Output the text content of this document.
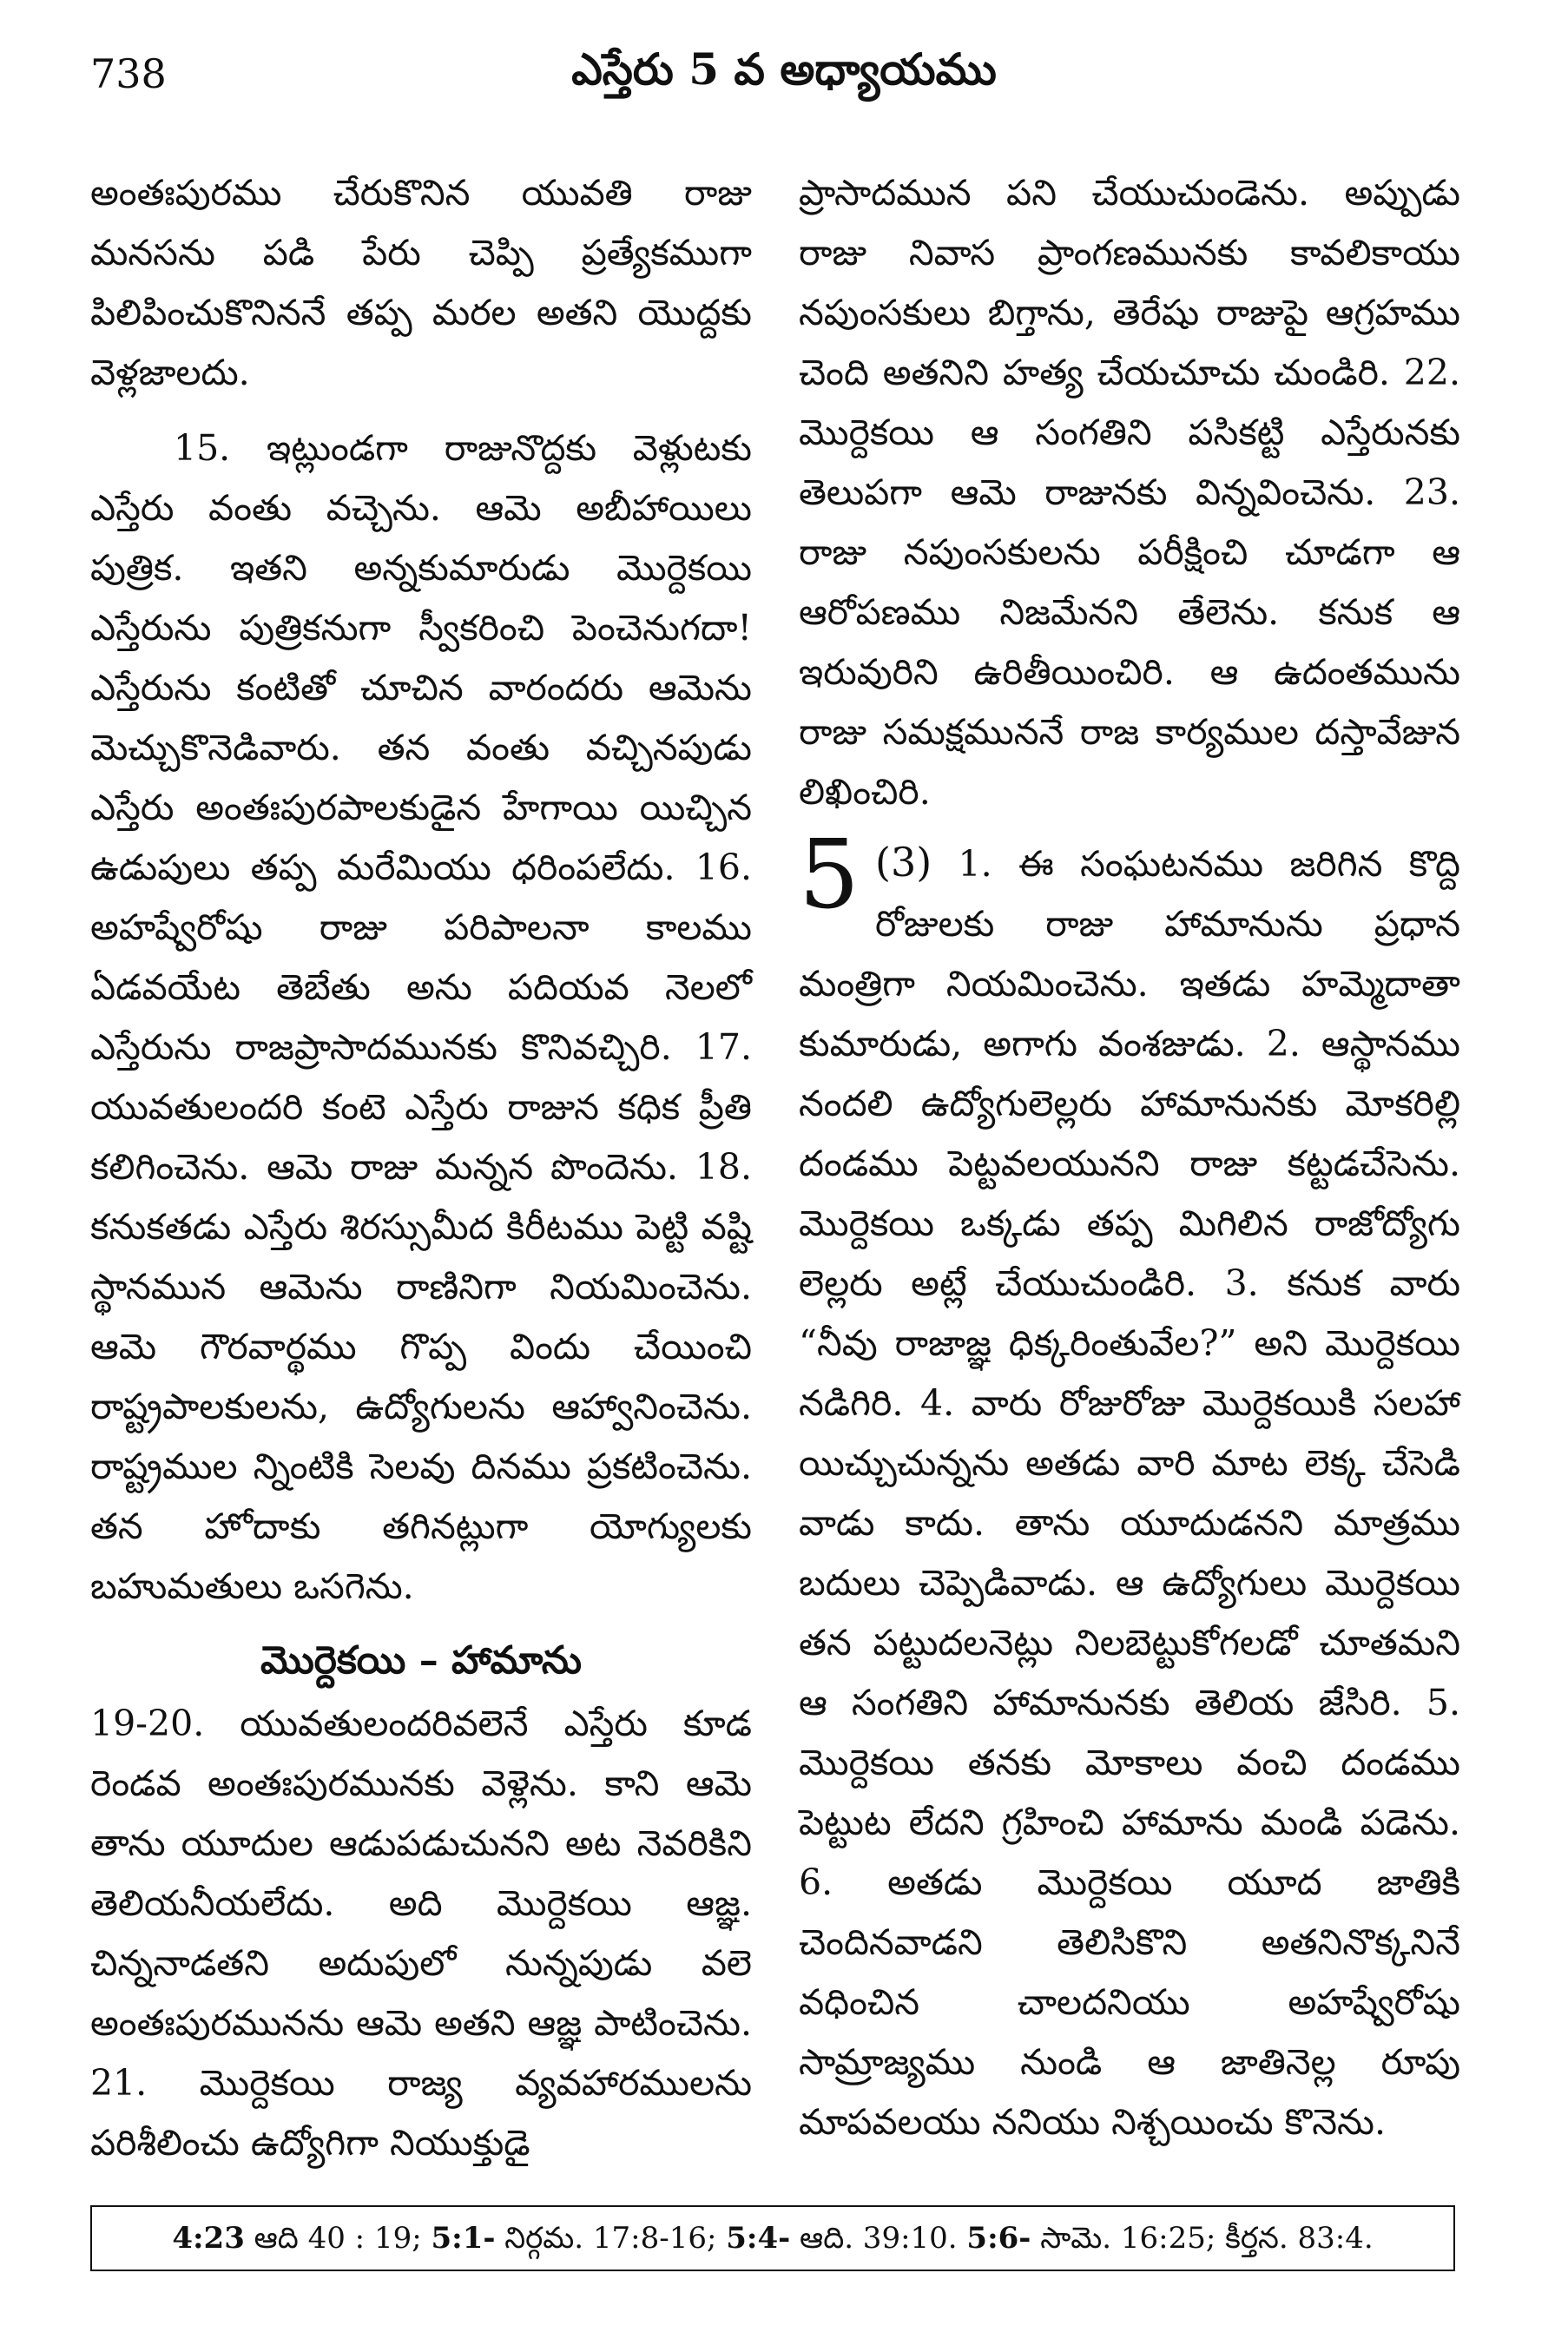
738	ఎస్తేరు 5 వ అధ్యాయము

అంతఃపురము చేరుకొనిన యువతి రాజు మనసను పడి పేరు చెప్పి ప్రత్యేకముగా పిలిపించుకొనిననే తప్ప మరల అతని యొద్దకు వెళ్లజాలదు.

15. ఇట్లుండగా రాజునొద్దకు వెళ్లుటకు ఎస్తేరు వంతు వచ్చెను. ఆమె అబీహాయిలు పుత్రిక. ఇతని అన్నకుమారుడు మొర్దెకయి ఎస్తేరును పుత్రికనుగా స్వీకరించి పెంచెనుగదా! ఎస్తేరును కంటితో చూచిన వారందరు ఆమెను మెచ్చుకొనెడివారు. తన వంతు వచ్చినపుడు ఎస్తేరు అంతఃపురపాలకుడైన హేగాయి యిచ్చిన ఉడుపులు తప్ప మరేమియు ధరింపలేదు. 16. అహష్వేరోషు రాజు పరిపాలనా కాలము ఏడవయేట తెబేతు అను పదియవ నెలలో ఎస్తేరును రాజప్రాసాదమునకు కొనివచ్చిరి. 17. యువతులందరి కంటె ఎస్తేరు రాజున కధిక ప్రీతి కలిగించెను. ఆమె రాజు మన్నన పొందెను. 18. కనుకతడు ఎస్తేరు శిరస్సుమీద కిరీటము పెట్టి వష్టి స్థానమున ఆమెను రాణినిగా నియమించెను. ఆమె గౌరవార్థము గొప్ప విందు చేయించి రాష్ట్రపాలకులను, ఉద్యోగులను ఆహ్వానించెను. రాష్ట్రముల న్నింటికి సెలవు దినము ప్రకటించెను. తన హోదాకు తగినట్లుగా యోగ్యులకు బహుమతులు ఒసగెను.

మొర్దెకయి – హామాను

19-20. యువతులందరివలెనే ఎస్తేరు కూడ రెండవ అంతఃపురమునకు వెళ్లెను. కాని ఆమె తాను యూదుల ఆడుపడుచునని అట నెవరికిని తెలియనీయలేదు. అది మొర్దెకయి ఆజ్ఞ. చిన్ననాడతని అదుపులో నున్నపుడు వలె అంతఃపురమునను ఆమె అతని ఆజ్ఞ పాటించెను. 21. మొర్దెకయి రాజ్య వ్యవహారములను పరిశీలించు ఉద్యోగిగా నియుక్తుడై

ప్రాసాదమున పని చేయుచుండెను. అప్పుడు రాజు నివాస ప్రాంగణమునకు కావలికాయు నపుంసకులు బిగ్తాను, తెరేషు రాజుపై ఆగ్రహము చెంది అతనిని హత్య చేయచూచు చుండిరి. 22. మొర్దెకయి ఆ సంగతిని పసికట్టి ఎస్తేరునకు తెలుపగా ఆమె రాజునకు విన్నవించెను. 23. రాజు నపుంసకులను పరీక్షించి చూడగా ఆ ఆరోపణము నిజమేనని తేలెను. కనుక ఆ ఇరువురిని ఉరితీయించిరి. ఆ ఉదంతమును రాజు సమక్షముననే రాజ కార్యముల దస్తావేజున లిఖించిరి.

5 (3) 1. ఈ సంఘటనము జరిగిన కొద్ది రోజులకు రాజు హామానును ప్రధాన మంత్రిగా నియమించెను. ఇతడు హమ్మెదాతా కుమారుడు, అగాగు వంశజుడు. 2. ఆస్థానము నందలి ఉద్యోగులెల్లరు హామానునకు మోకరిల్లి దండము పెట్టవలయునని రాజు కట్టడచేసెను. మొర్దెకయి ఒక్కడు తప్ప మిగిలిన రాజోద్యోగు లెల్లరు అట్లే చేయుచుండిరి. 3. కనుక వారు “నీవు రాజాజ్ఞ ధిక్కరింతువేల?” అని మొర్దెకయి నడిగిరి. 4. వారు రోజురోజు మొర్దెకయికి సలహా యిచ్చుచున్నను అతడు వారి మాట లెక్క చేసెడి వాడు కాదు. తాను యూదుడనని మాత్రము బదులు చెప్పెడివాడు. ఆ ఉద్యోగులు మొర్దెకయి తన పట్టుదలనెట్లు నిలబెట్టుకోగలడో చూతమని ఆ సంగతిని హామానునకు తెలియ జేసిరి. 5. మొర్దెకయి తనకు మోకాలు వంచి దండము పెట్టుట లేదని గ్రహించి హామాను మండి పడెను. 6. అతడు మొర్దెకయి యూద జాతికి చెందినవాడని తెలిసికొని అతనినొక్కనినే వధించిన చాలదనియు అహష్వేరోషు సామ్రాజ్యము నుండి ఆ జాతినెల్ల రూపు మాపవలయు ననియు నిశ్చయించు కొనెను.

4:23 ఆది 40 : 19; 5:1- నిర్గమ. 17:8-16; 5:4- ఆది. 39:10. 5:6- సామె. 16:25; కీర్తన. 83:4.
